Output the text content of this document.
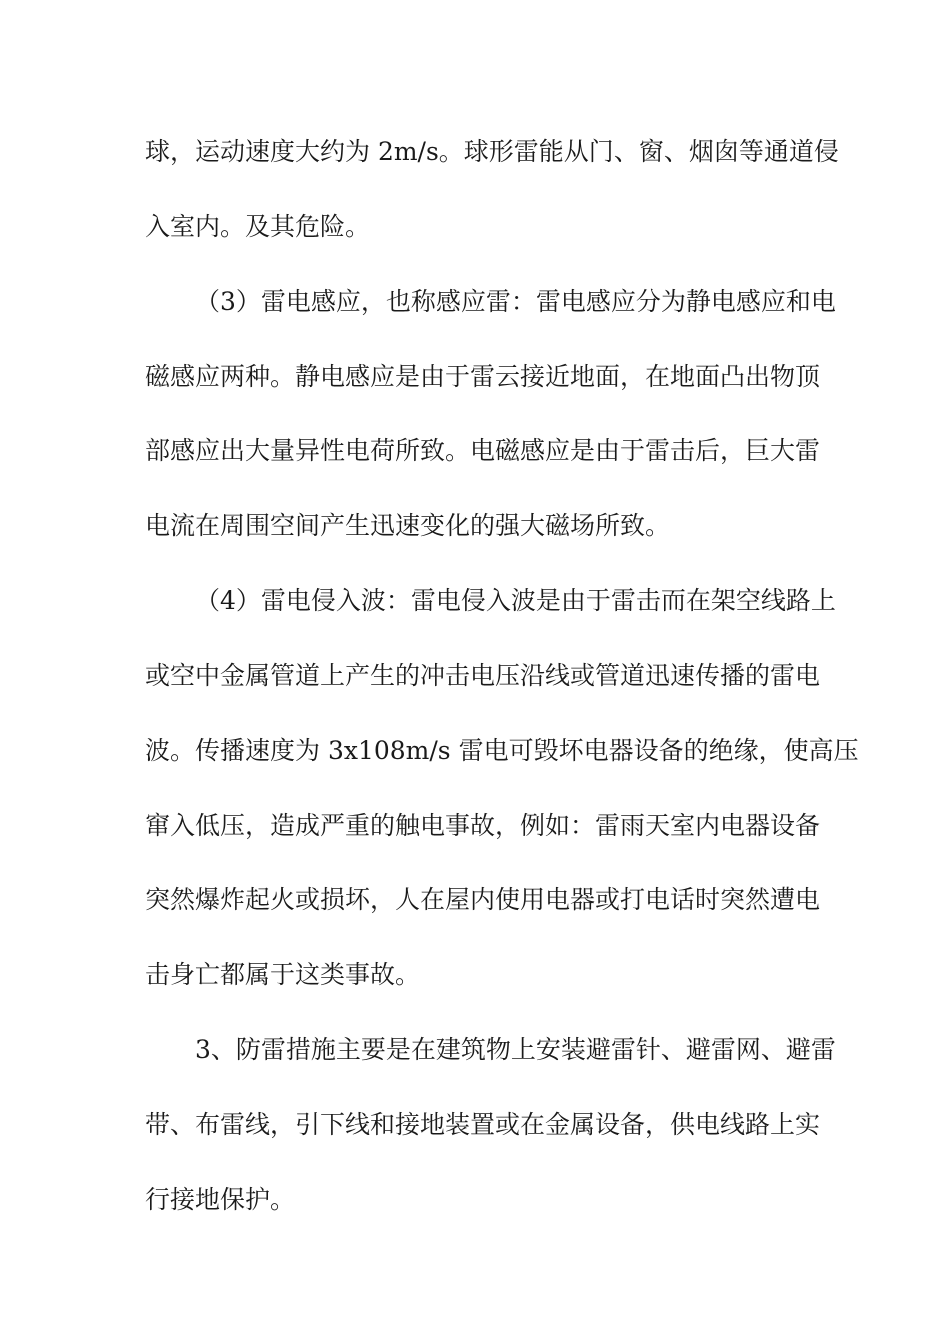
球，运动速度大约为 2m/s。球形雷能从门、窗、烟囱等通道侵
入室内。及其危险。
（3）雷电感应，也称感应雷：雷电感应分为静电感应和电
磁感应两种。静电感应是由于雷云接近地面，在地面凸出物顶
部感应出大量异性电荷所致。电磁感应是由于雷击后，巨大雷
电流在周围空间产生迅速变化的强大磁场所致。
（4）雷电侵入波：雷电侵入波是由于雷击而在架空线路上
或空中金属管道上产生的冲击电压沿线或管道迅速传播的雷电
波。传播速度为 3x108m/s 雷电可毁坏电器设备的绝缘，使高压
窜入低压，造成严重的触电事故，例如：雷雨天室内电器设备
突然爆炸起火或损坏，人在屋内使用电器或打电话时突然遭电
击身亡都属于这类事故。
3、防雷措施主要是在建筑物上安装避雷针、避雷网、避雷
带、布雷线，引下线和接地装置或在金属设备，供电线路上实
行接地保护。
